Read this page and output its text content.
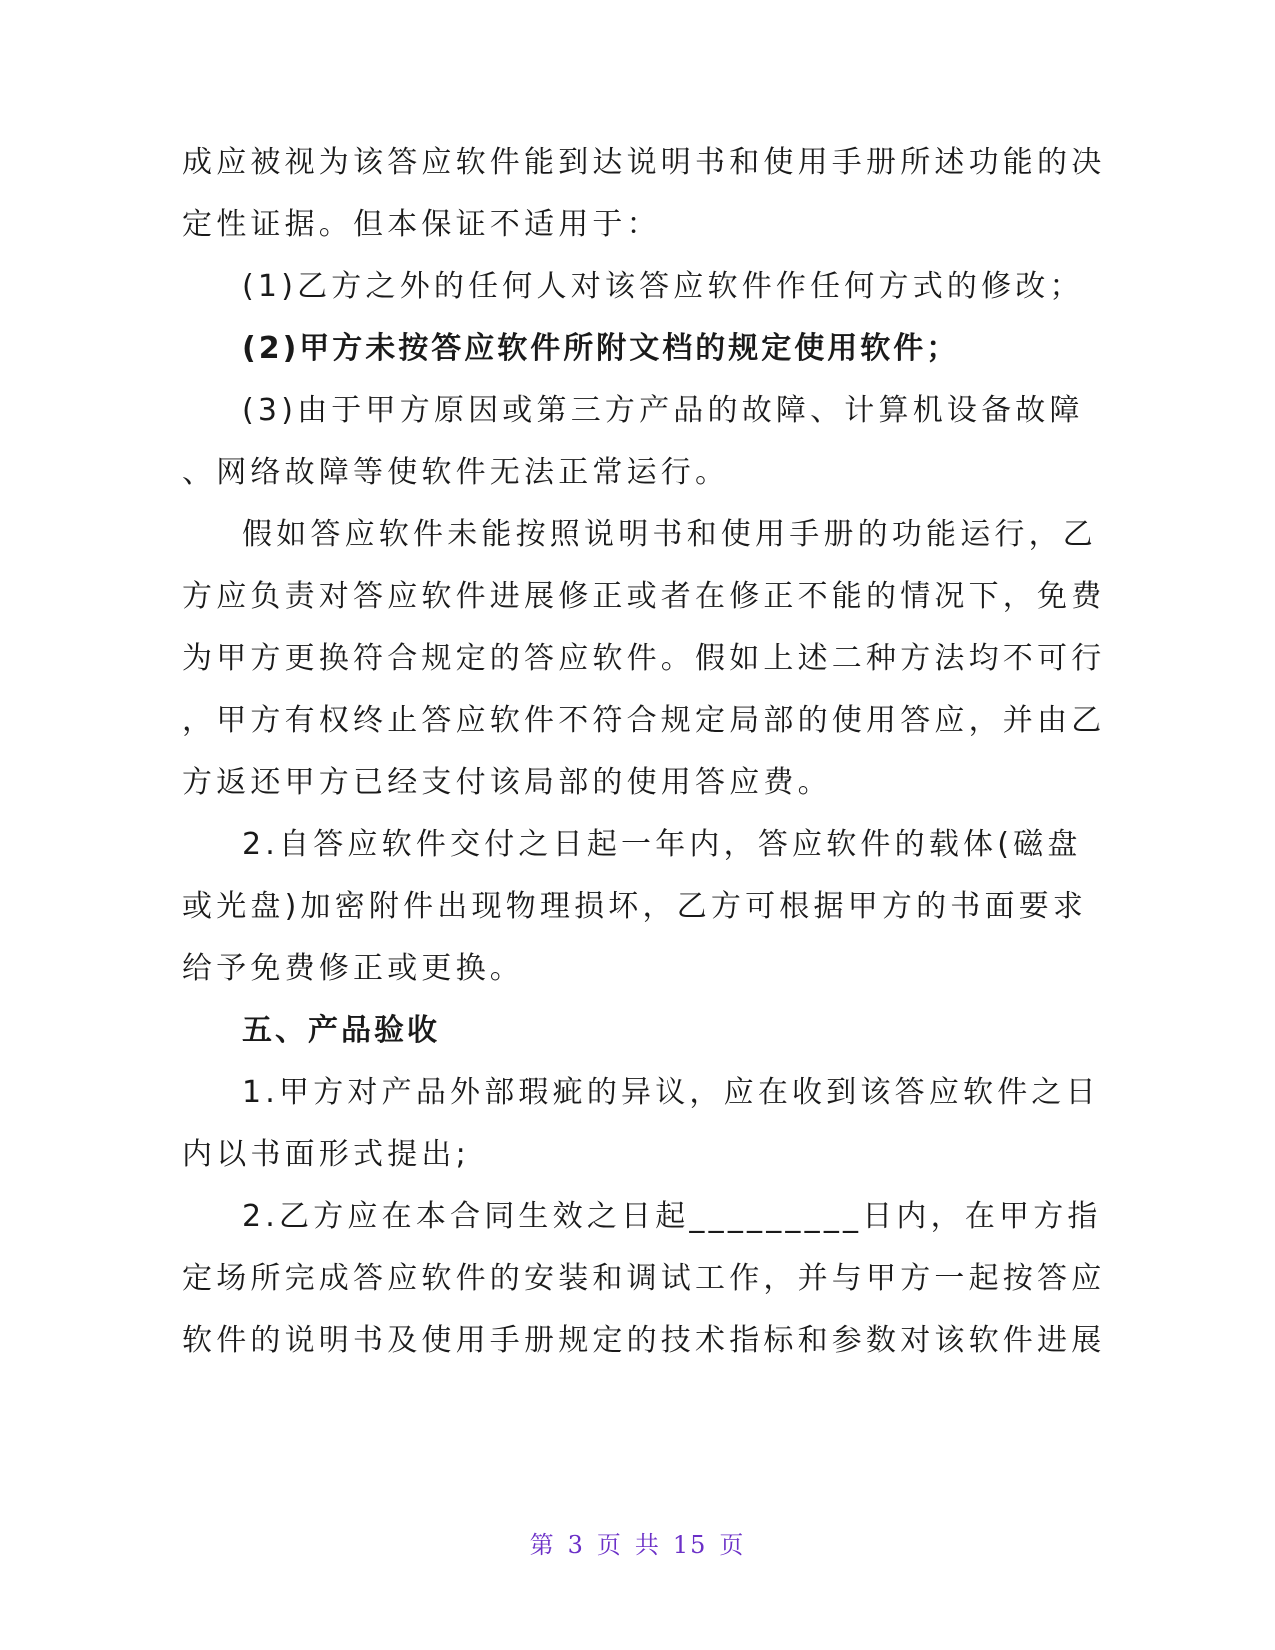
成应被视为该答应软件能到达说明书和使用手册所述功能的决
定性证据。但本保证不适用于：
(1)乙方之外的任何人对该答应软件作任何方式的修改；
(2)甲方未按答应软件所附文档的规定使用软件；
(3)由于甲方原因或第三方产品的故障、计算机设备故障
、网络故障等使软件无法正常运行。
假如答应软件未能按照说明书和使用手册的功能运行，乙
方应负责对答应软件进展修正或者在修正不能的情况下，免费
为甲方更换符合规定的答应软件。假如上述二种方法均不可行
，甲方有权终止答应软件不符合规定局部的使用答应，并由乙
方返还甲方已经支付该局部的使用答应费。
2.自答应软件交付之日起一年内，答应软件的载体(磁盘
或光盘)加密附件出现物理损坏，乙方可根据甲方的书面要求
给予免费修正或更换。
五、产品验收
1.甲方对产品外部瑕疵的异议，应在收到该答应软件之日
内以书面形式提出;
2.乙方应在本合同生效之日起_________日内，在甲方指
定场所完成答应软件的安装和调试工作，并与甲方一起按答应
软件的说明书及使用手册规定的技术指标和参数对该软件进展
第 3 页 共 15 页
